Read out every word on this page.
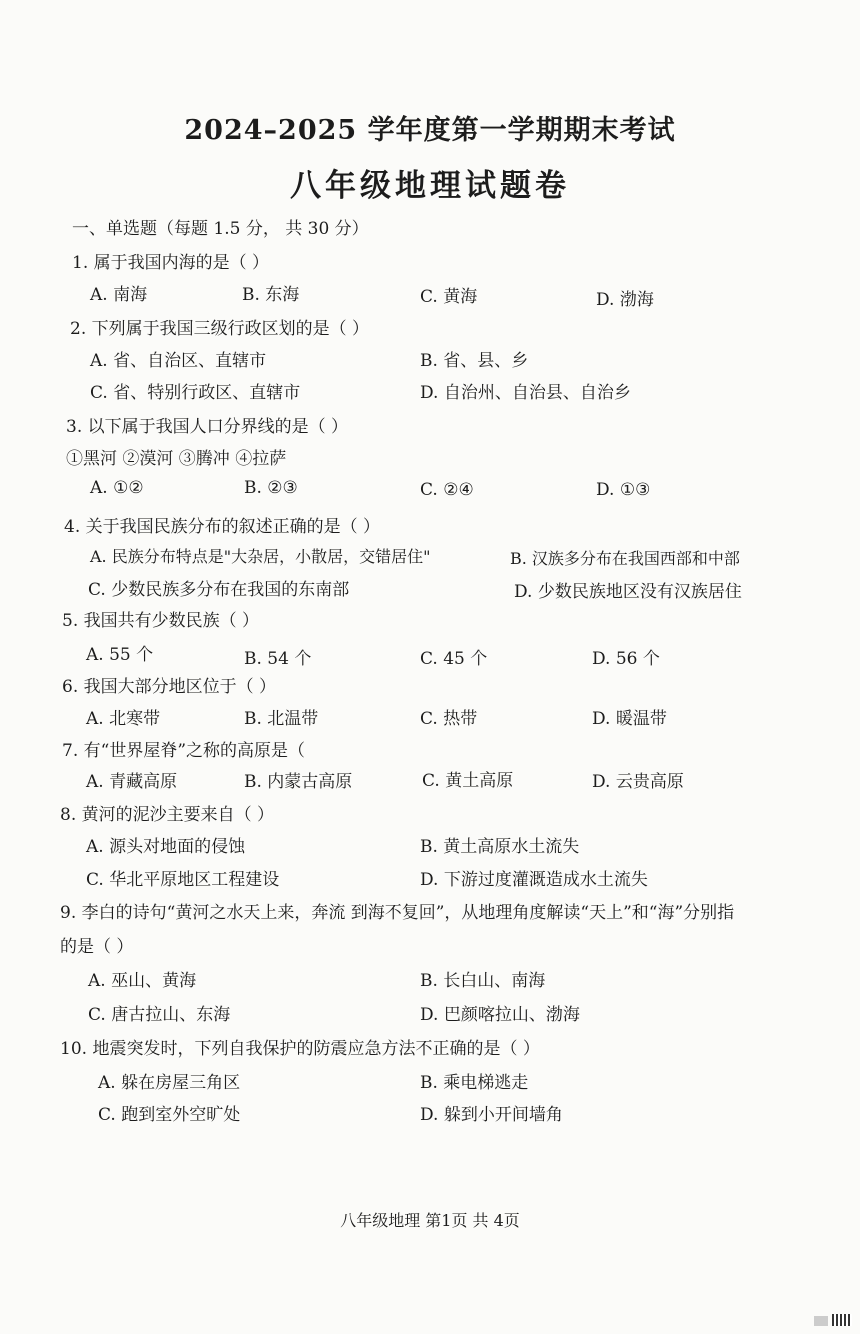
2024–2025 学年度第一学期期末考试
八年级地理试题卷
一、单选题（每题 1.5 分， 共 30 分）
1. 属于我国内海的是（ ）
A. 南海	B. 东海	C. 黄海	D. 渤海
2. 下列属于我国三级行政区划的是（ ）
A. 省、自治区、直辖市	B. 省、县、乡
C. 省、特别行政区、直辖市	D. 自治州、自治县、自治乡
3. 以下属于我国人口分界线的是（ ）
①黑河 ②漠河 ③腾冲 ④拉萨
A. ①②	B. ②③	C. ②④	D. ①③
4. 关于我国民族分布的叙述正确的是（ ）
A. 民族分布特点是"大杂居，小散居，交错居住"	B. 汉族多分布在我国西部和中部
C. 少数民族多分布在我国的东南部	D. 少数民族地区没有汉族居住
5. 我国共有少数民族（ ）
A. 55 个	B. 54 个	C. 45 个	D. 56 个
6. 我国大部分地区位于（ ）
A. 北寒带	B. 北温带	C. 热带	D. 暖温带
7. 有“世界屋脊”之称的高原是（
A. 青藏高原	B. 内蒙古高原	C. 黄土高原	D. 云贵高原
8. 黄河的泥沙主要来自（ ）
A. 源头对地面的侵蚀	B. 黄土高原水土流失
C. 华北平原地区工程建设	D. 下游过度灌溉造成水土流失
9. 李白的诗句“黄河之水天上来，奔流 到海不复回”，从地理角度解读“天上”和“海”分别指
的是（ ）
A. 巫山、黄海	B. 长白山、南海
C. 唐古拉山、东海	D. 巴颜喀拉山、渤海
10. 地震突发时，下列自我保护的防震应急方法不正确的是（ ）
A. 躲在房屋三角区	B. 乘电梯逃走
C. 跑到室外空旷处	D. 躲到小开间墙角
八年级地理 第1页 共 4页
